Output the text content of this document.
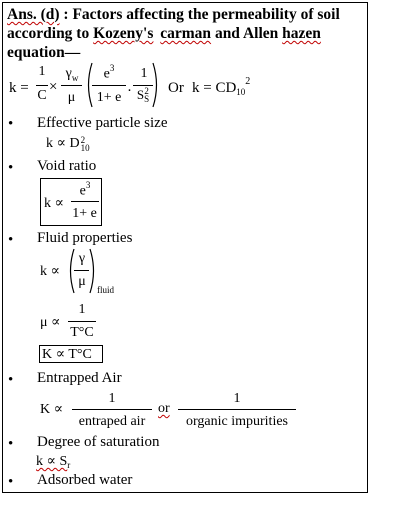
Ans. (d) : Factors affecting the permeability of soil
according to Kozeny's carman and Allen hazen
equation—
k =
1
C
×
$\gamma_w$
μ
$e^3$
1+ e ·
1
S 2
S
Or $k = CD_{10}^2$
• Effective particle size
k ∝ D 2
10
• Void ratio
k ∝
$e^3$
1+ e
• Fluid properties
k ∝
γ
μ
fluid
μ ∝
1
T°C
K ∝ T°C
• Entrapped Air
K ∝
1
entraped air
or
1
organic impurities
• Degree of saturation
$k \propto S_r$
• Adsorbed water
